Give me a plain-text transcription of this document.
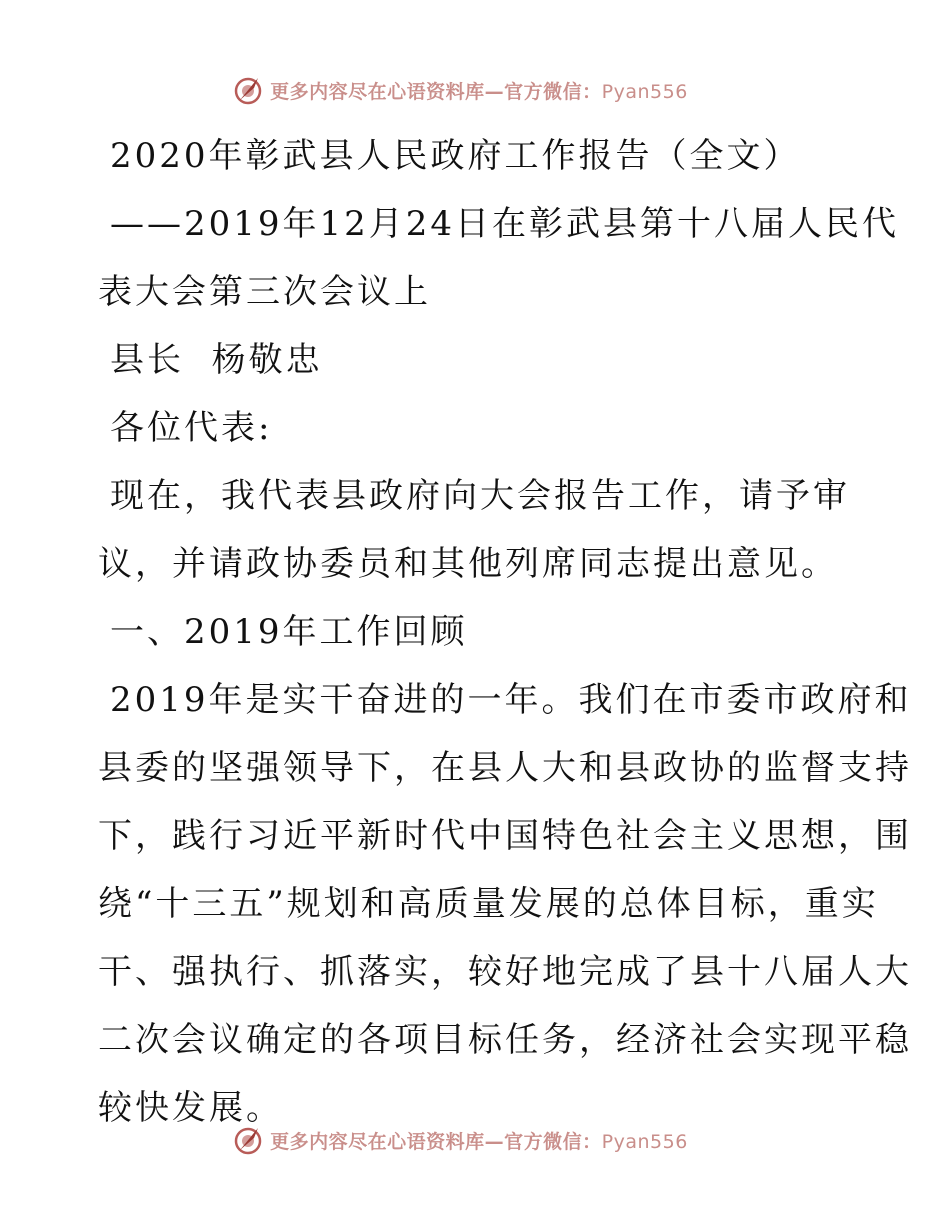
更多内容尽在心语资料库—官方微信：Pyan556
2020年彰武县人民政府工作报告（全文）
——2019年12月24日在彰武县第十八届人民代
表大会第三次会议上
县长  杨敬忠
各位代表:
现在，我代表县政府向大会报告工作，请予审
议，并请政协委员和其他列席同志提出意见。
一、2019年工作回顾
2019年是实干奋进的一年。我们在市委市政府和
县委的坚强领导下，在县人大和县政协的监督支持
下，践行习近平新时代中国特色社会主义思想，围
绕“十三五”规划和高质量发展的总体目标，重实
干、强执行、抓落实，较好地完成了县十八届人大
二次会议确定的各项目标任务，经济社会实现平稳
较快发展。
更多内容尽在心语资料库—官方微信：Pyan556
